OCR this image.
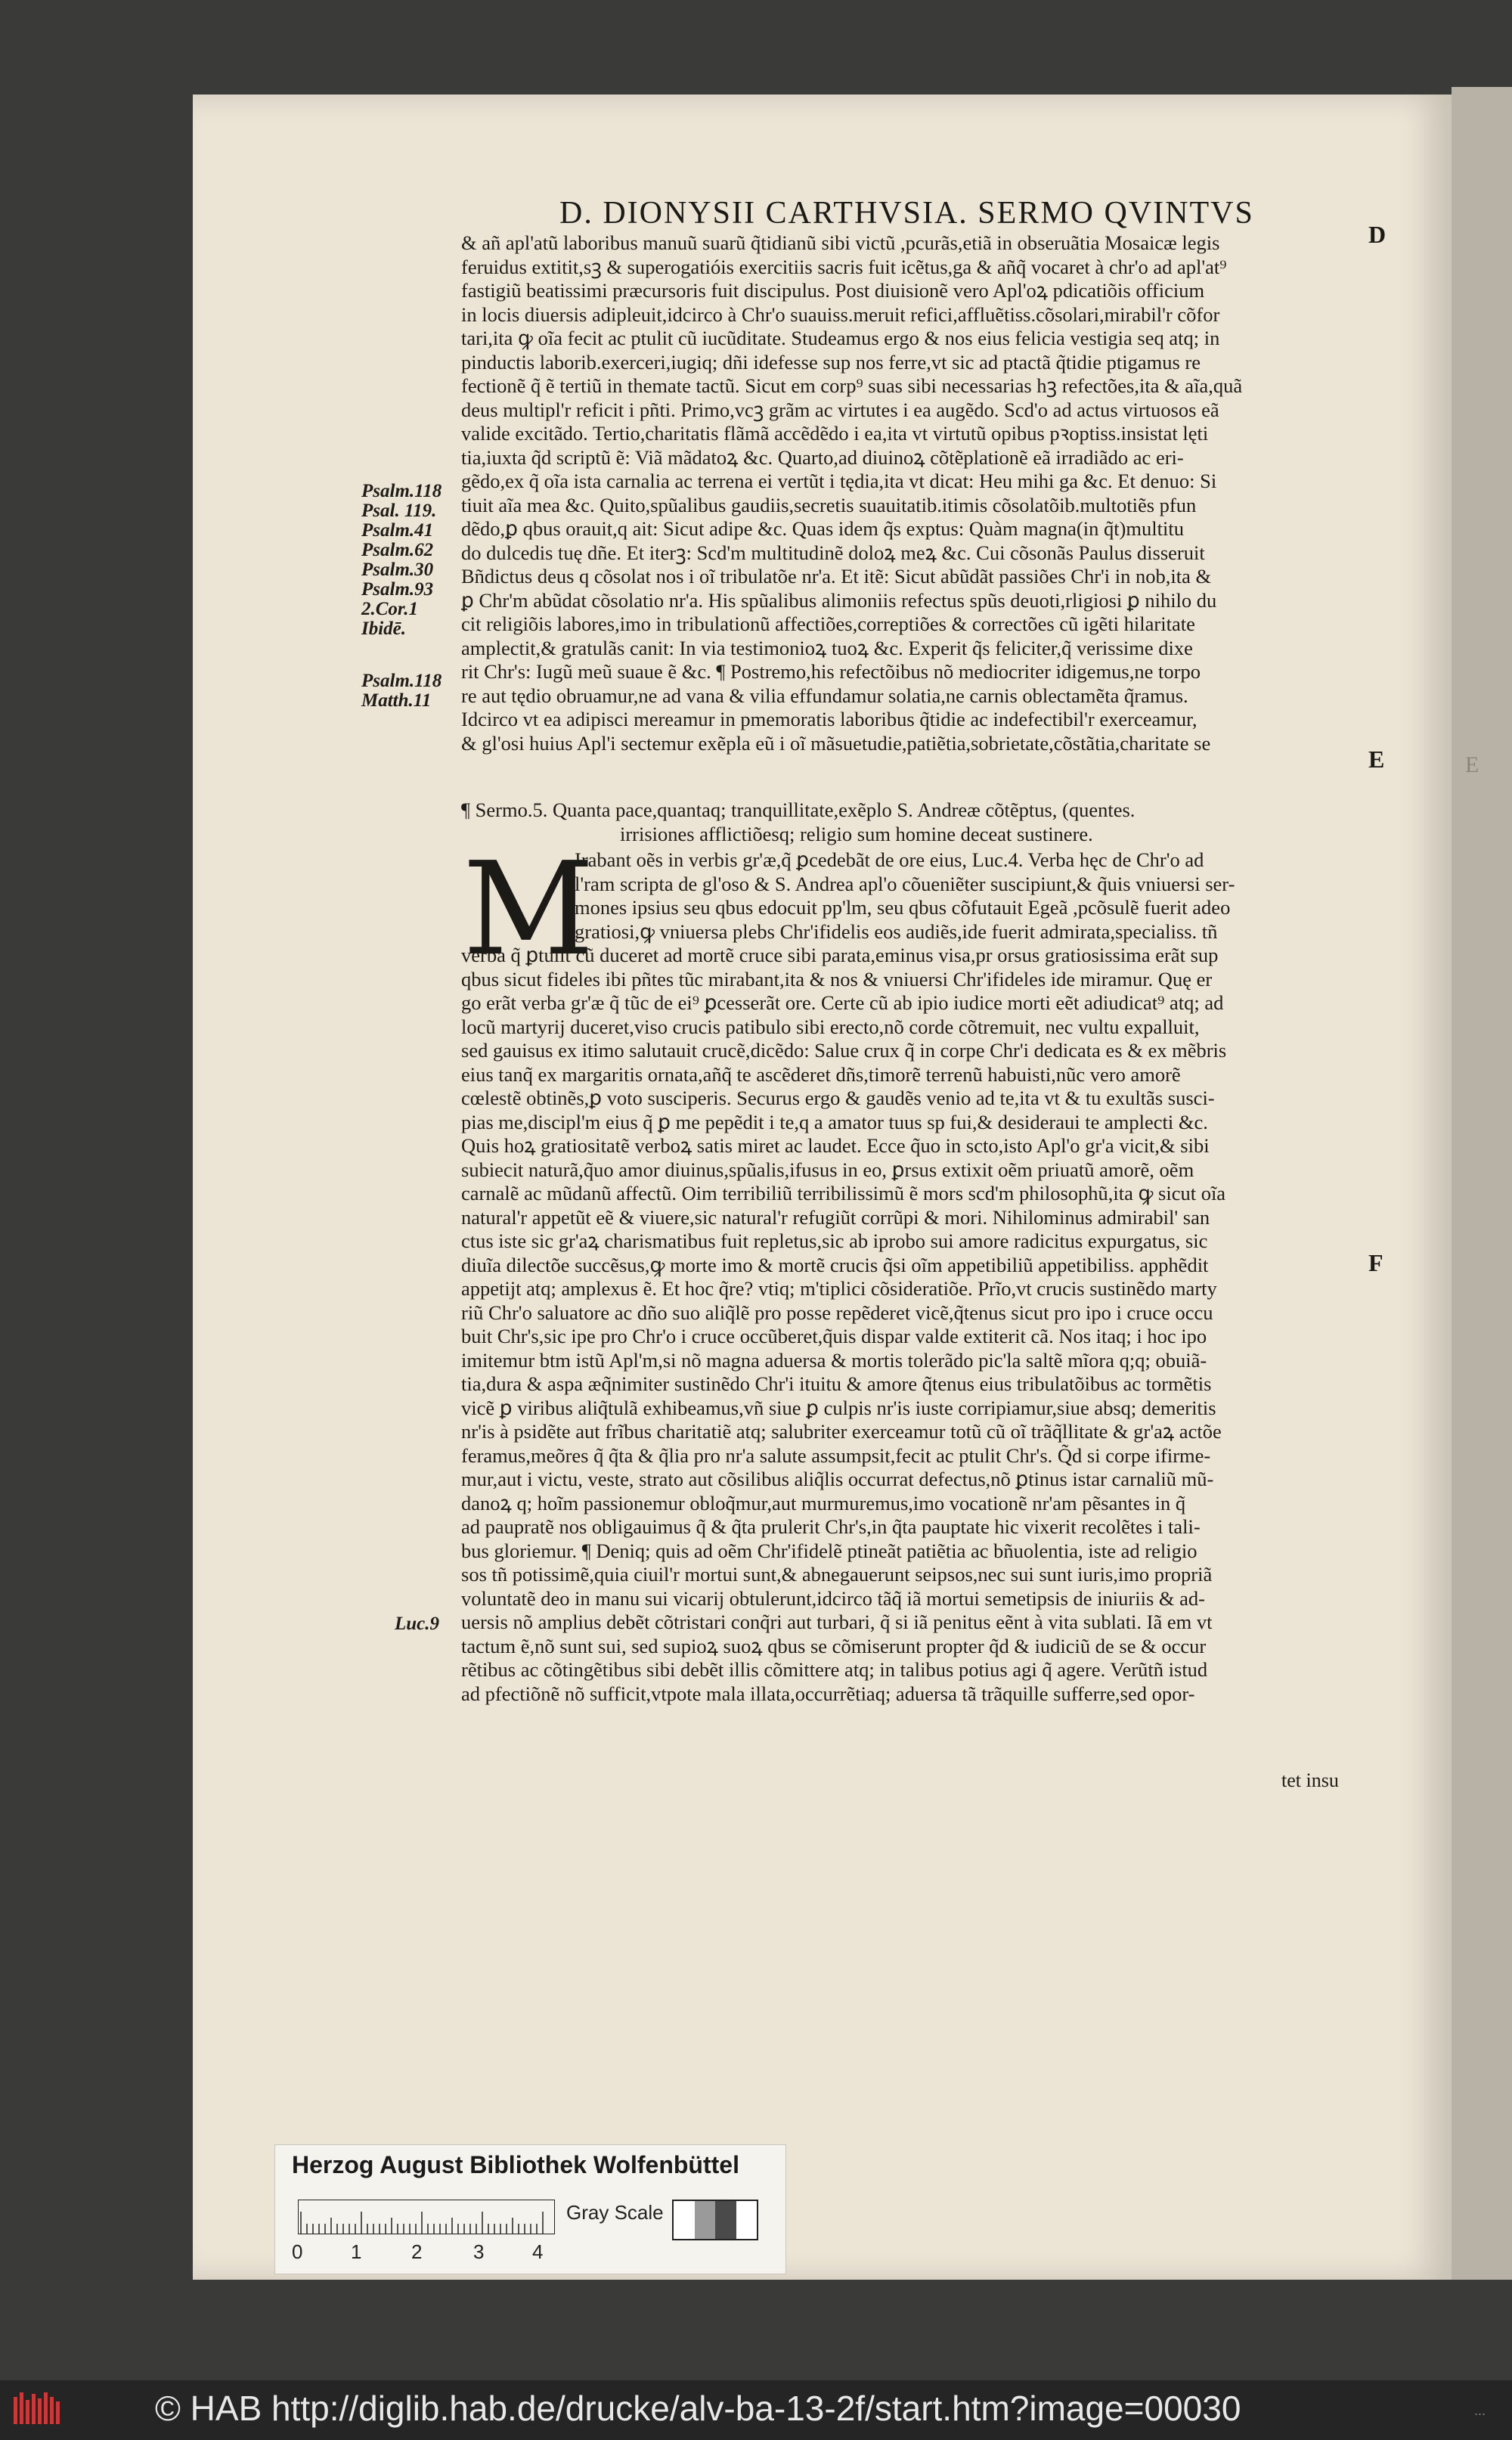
E
D. DIONYSII CARTHVSIA. SERMO QVINTVS
D
E
F
& añ apl'atũ laboribus manuũ suarũ q̃tidianũ sibi victũ ,pcurãs,etiã in obseruãtia Mosaicæ legis
feruidus extitit,sꝫ & superogatióis exercitiis sacris fuit icẽtus,ga & añq̃ vocaret à chr'o ad apl'at⁹
fastigiũ beatissimi præcursoris fuit discipulus. Post diuisionẽ vero Apl'oꝝ pdicatiõis officium
in locis diuersis adipleuit,idcirco à Chr'o suauiss.meruit refici,affluẽtiss.cõsolari,mirabil'r cõfor
tari,ita ꝙ oĩa fecit ac ptulit cũ iucũditate. Studeamus ergo & nos eius felicia vestigia seq atq; in
pinductis laborib.exerceri,iugiq; dñi idefesse sup nos ferre,vt sic ad ptactã q̃tidie ptigamus re
fectionẽ q̃ ẽ tertiũ in themate tactũ. Sicut em corp⁹ suas sibi necessarias hꝫ refectões,ita & aĩa,quã
deus multipl'r reficit i pñti. Primo,vcꝫ grãm ac virtutes i ea augẽdo. Scd'o ad actus virtuosos eã
valide excitãdo. Tertio,charitatis flãmã accẽdẽdo i ea,ita vt virtutũ opibus pꝛoptiss.insistat lęti
tia,iuxta q̃d scriptũ ẽ: Viã mãdatoꝝ &c. Quarto,ad diuinoꝝ cõtẽplationẽ eã irradiãdo ac eri-
gẽdo,ex q̃ oĩa ista carnalia ac terrena ei vertũt i tędia,ita vt dicat: Heu mihi ga &c. Et denuo: Si
tiuit aĩa mea &c. Quito,spũalibus gaudiis,secretis suauitatib.itimis cõsolatõib.multotiẽs pfun
dẽdo,ꝑ qbus orauit,q ait: Sicut adipe &c. Quas idem q̃s exptus: Quàm magna(in q̃t)multitu
do dulcedis tuę dñe. Et iterꝫ: Scd'm multitudinẽ doloꝝ meꝝ &c. Cui cõsonãs Paulus disseruit
Bñdictus deus q cõsolat nos i oĩ tribulatõe nr'a. Et itẽ: Sicut abũdãt passiões Chr'i in nob,ita &
ꝑ Chr'm abũdat cõsolatio nr'a. His spũalibus alimoniis refectus spũs deuoti,rligiosi ꝑ nihilo du
cit religiõis labores,imo in tribulationũ affectiões,correptiões & correctões cũ igẽti hilaritate
amplectit,& gratulãs canit: In via testimonioꝝ tuoꝝ &c. Experit q̃s feliciter,q̃ verissime dixe
rit Chr's: Iugũ meũ suaue ẽ &c. ¶ Postremo,his refectõibus nõ mediocriter idigemus,ne torpo
re aut tędio obruamur,ne ad vana & vilia effundamur solatia,ne carnis oblectamẽta q̃ramus.
Idcirco vt ea adipisci mereamur in pmemoratis laboribus q̃tidie ac indefectibil'r exerceamur,
& gl'osi huius Apl'i sectemur exẽpla eũ i oĩ mãsuetudie,patiẽtia,sobrietate,cõstãtia,charitate se
Psalm.118
Psal. 119.
Psalm.41
Psalm.62
Psalm.30
Psalm.93
2.Cor.1
Ibidē.
Psalm.118
Matth.11
¶ Sermo.5. Quanta pace,quantaq; tranquillitate,exẽplo S. Andreæ cõtẽptus, (quentes.
irrisiones afflictiõesq; religio sum homine deceat sustinere.
M
Irabant oẽs in verbis gr'æ,q̃ ꝑcedebãt de ore eius, Luc.4. Verba hęc de Chr'o ad
l'ram scripta de gl'oso & S. Andrea apl'o cõueniẽter suscipiunt,& q̃uis vniuersi ser-
mones ipsius seu qbus edocuit pp'lm, seu qbus cõfutauit Egeã ,pcõsulẽ fuerit adeo
gratiosi,ꝙ vniuersa plebs Chr'ifidelis eos audiẽs,ide fuerit admirata,specialiss. tñ
verba q̃ ꝑtulit cũ duceret ad mortẽ cruce sibi parata,eminus visa,pr orsus gratiosissima erãt sup
qbus sicut fideles ibi pñtes tũc mirabant,ita & nos & vniuersi Chr'ifideles ide miramur. Quę er
go erãt verba gr'æ q̃ tũc de ei⁹ ꝑcesserãt ore. Certe cũ ab ipio iudice morti eẽt adiudicat⁹ atq; ad
locũ martyrij duceret,viso crucis patibulo sibi erecto,nõ corde cõtremuit, nec vultu expalluit,
sed gauisus ex itimo salutauit crucẽ,dicẽdo: Salue crux q̃ in corpe Chr'i dedicata es & ex mẽbris
eius tanq̃ ex margaritis ornata,añq̃ te ascẽderet dñs,timorẽ terrenũ habuisti,nũc vero amorẽ
cœlestẽ obtinẽs,ꝑ voto susciperis. Securus ergo & gaudẽs venio ad te,ita vt & tu exultãs susci-
pias me,discipl'm eius q̃ ꝑ me pepẽdit i te,q a amator tuus sp fui,& desideraui te amplecti &c.
Quis hoꝝ gratiositatẽ verboꝝ satis miret ac laudet. Ecce q̃uo in scto,isto Apl'o gr'a vicit,& sibi
subiecit naturã,q̃uo amor diuinus,spũalis,ifusus in eo, ꝑrsus extixit oẽm priuatũ amorẽ, oẽm
carnalẽ ac mũdanũ affectũ. Oim terribiliũ terribilissimũ ẽ mors scd'm philosophũ,ita ꝙ sicut oĩa
natural'r appetũt eẽ & viuere,sic natural'r refugiũt corrũpi & mori. Nihilominus admirabil' san
ctus iste sic gr'aꝝ charismatibus fuit repletus,sic ab iprobo sui amore radicitus expurgatus, sic
diuĩa dilectõe succẽsus,ꝙ morte imo & mortẽ crucis q̃si oĩm appetibiliũ appetibiliss. apphẽdit
appetijt atq; amplexus ẽ. Et hoc q̃re? vtiq; m'tiplici cõsideratiõe. Prĩo,vt crucis sustinẽdo marty
riũ Chr'o saluatore ac dño suo aliq̃lẽ pro posse repẽderet vicẽ,q̃tenus sicut pro ipo i cruce occu
buit Chr's,sic ipe pro Chr'o i cruce occũberet,q̃uis dispar valde extiterit cã. Nos itaq; i hoc ipo
imitemur btm istũ Apl'm,si nõ magna aduersa & mortis tolerãdo pic'la saltẽ mĩora q;q; obuiã-
tia,dura & aspa æq̃nimiter sustinẽdo Chr'i ituitu & amore q̃tenus eius tribulatõibus ac tormẽtis
vicẽ ꝑ viribus aliq̃tulã exhibeamus,vñ siue ꝑ culpis nr'is iuste corripiamur,siue absq; demeritis
nr'is à psidẽte aut frĩbus charitatiẽ atq; salubriter exerceamur totũ cũ oĩ trãq̃llitate & gr'aꝝ actõe
feramus,meõres q̃ q̃ta & q̃lia pro nr'a salute assumpsit,fecit ac ptulit Chr's. Q̃d si corpe ifirme-
mur,aut i victu, veste, strato aut cõsilibus aliq̃lis occurrat defectus,nõ ꝑtinus istar carnaliũ mũ-
danoꝝ q; hoĩm passionemur obloq̃mur,aut murmuremus,imo vocationẽ nr'am pẽsantes in q̃
ad paupratẽ nos obligauimus q̃ & q̃ta prulerit Chr's,in q̃ta pauptate hic vixerit recolẽtes i tali-
bus gloriemur. ¶ Deniq; quis ad oẽm Chr'ifidelẽ ptineãt patiẽtia ac bñuolentia, iste ad religio
sos tñ potissimẽ,quia ciuil'r mortui sunt,& abnegauerunt seipsos,nec sui sunt iuris,imo propriã
voluntatẽ deo in manu sui vicarij obtulerunt,idcirco tãq̃ iã mortui semetipsis de iniuriis & ad-
uersis nõ amplius debẽt cõtristari conq̃ri aut turbari, q̃ si iã penitus eẽnt à vita sublati. Iã em vt
tactum ẽ,nõ sunt sui, sed supioꝝ suoꝝ qbus se cõmiserunt propter q̃d & iudiciũ de se & occur
rẽtibus ac cõtingẽtibus sibi debẽt illis cõmittere atq; in talibus potius agi q̃ agere. Verũtñ istud
ad pfectiõnẽ nõ sufficit,vtpote mala illata,occurrẽtiaq; aduersa tã trãquille sufferre,sed opor-
Luc.9
tet insu
Herzog August Bibliothek Wolfenbüttel
Gray Scale
0 1	2	3 4
© HAB http://diglib.hab.de/drucke/alv-ba-13-2f/start.htm?image=00030	...
